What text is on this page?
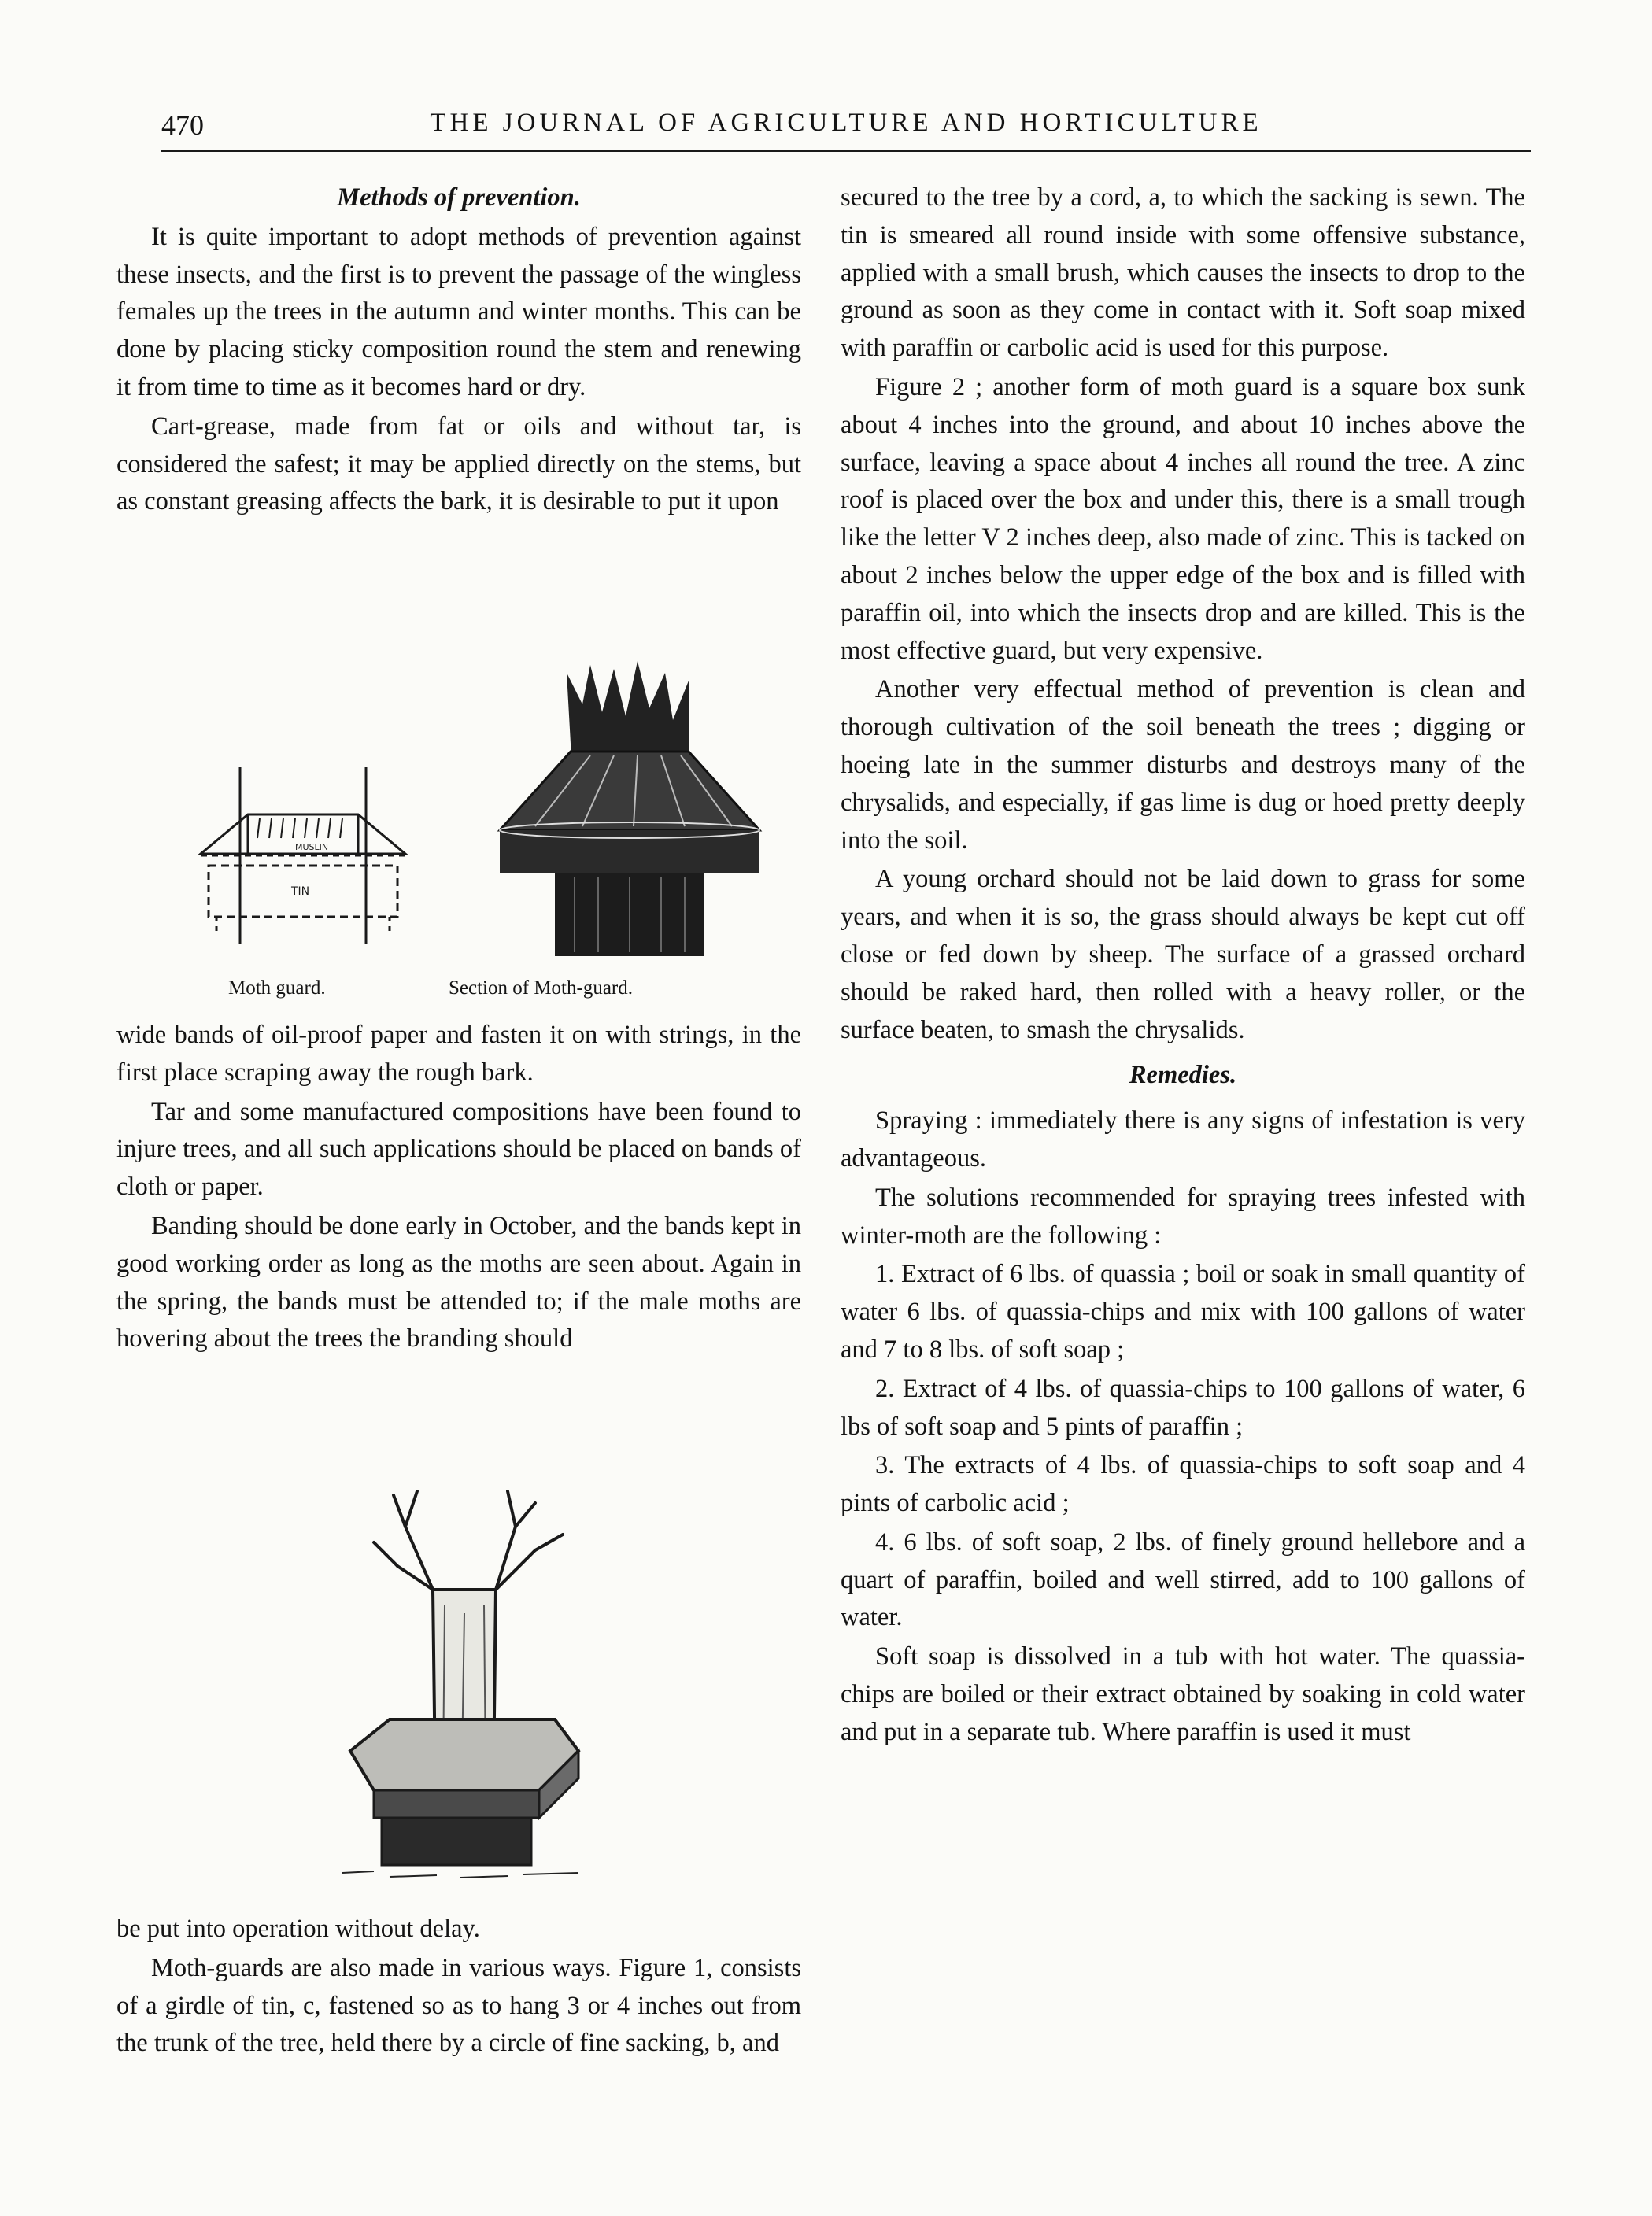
470	THE JOURNAL OF AGRICULTURE AND HORTICULTURE

Methods of prevention.

It is quite important to adopt methods of prevention against these insects, and the first is to prevent the passage of the wingless females up the trees in the autumn and winter months. This can be done by placing sticky composition round the stem and renewing it from time to time as it becomes hard or dry.

Cart-grease, made from fat or oils and without tar, is considered the safest; it may be applied directly on the stems, but as constant greasing affects the bark, it is desirable to put it upon

MUSLIN
TIN
Moth guard.	Section of Moth-guard.

wide bands of oil-proof paper and fasten it on with strings, in the first place scraping away the rough bark.

Tar and some manufactured compositions have been found to injure trees, and all such applications should be placed on bands of cloth or paper.

Banding should be done early in October, and the bands kept in good working order as long as the moths are seen about. Again in the spring, the bands must be attended to; if the male moths are hovering about the trees the branding should

be put into operation without delay.

Moth-guards are also made in various ways. Figure 1, consists of a girdle of tin, c, fastened so as to hang 3 or 4 inches out from the trunk of the tree, held there by a circle of fine sacking, b, and

secured to the tree by a cord, a, to which the sacking is sewn. The tin is smeared all round inside with some offensive substance, applied with a small brush, which causes the insects to drop to the ground as soon as they come in contact with it. Soft soap mixed with paraffin or carbolic acid is used for this purpose.

Figure 2 ; another form of moth guard is a square box sunk about 4 inches into the ground, and about 10 inches above the surface, leaving a space about 4 inches all round the tree. A zinc roof is placed over the box and under this, there is a small trough like the letter V 2 inches deep, also made of zinc. This is tacked on about 2 inches below the upper edge of the box and is filled with paraffin oil, into which the insects drop and are killed. This is the most effective guard, but very expensive.

Another very effectual method of prevention is clean and thorough cultivation of the soil beneath the trees ; digging or hoeing late in the summer disturbs and destroys many of the chrysalids, and especially, if gas lime is dug or hoed pretty deeply into the soil.

A young orchard should not be laid down to grass for some years, and when it is so, the grass should always be kept cut off close or fed down by sheep. The surface of a grassed orchard should be raked hard, then rolled with a heavy roller, or the surface beaten, to smash the chrysalids.

Remedies.

Spraying : immediately there is any signs of infestation is very advantageous.

The solutions recommended for spraying trees infested with winter-moth are the following :

1. Extract of 6 lbs. of quassia ; boil or soak in small quantity of water 6 lbs. of quassia-chips and mix with 100 gallons of water and 7 to 8 lbs. of soft soap ;

2. Extract of 4 lbs. of quassia-chips to 100 gallons of water, 6 lbs of soft soap and 5 pints of paraffin ;

3. The extracts of 4 lbs. of quassia-chips to soft soap and 4 pints of carbolic acid ;

4. 6 lbs. of soft soap, 2 lbs. of finely ground hellebore and a quart of paraffin, boiled and well stirred, add to 100 gallons of water.

Soft soap is dissolved in a tub with hot water. The quassia-chips are boiled or their extract obtained by soaking in cold water and put in a separate tub. Where paraffin is used it must
